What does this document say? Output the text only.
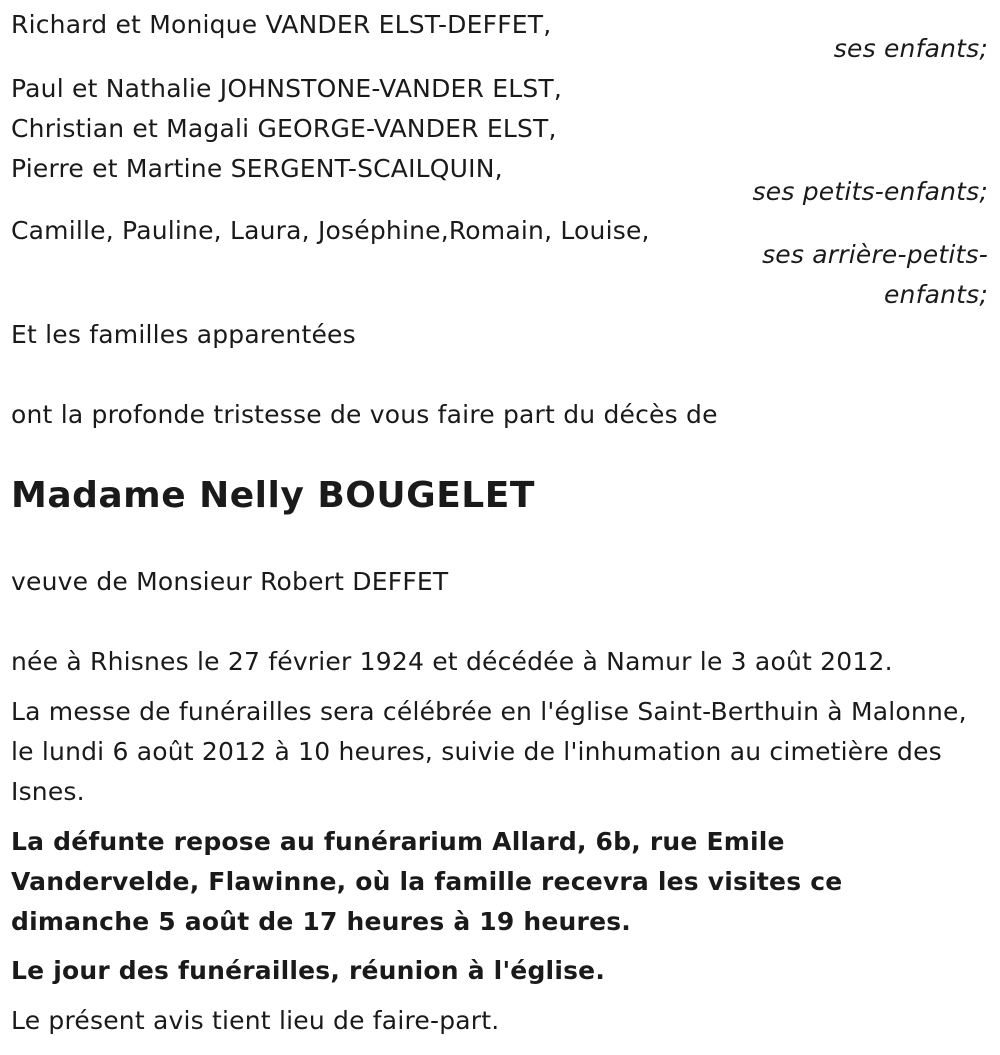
Richard et Monique VANDER ELST-DEFFET,
ses enfants;
Paul et Nathalie JOHNSTONE-VANDER ELST,
Christian et Magali GEORGE-VANDER ELST,
Pierre et Martine SERGENT-SCAILQUIN,
ses petits-enfants;
Camille, Pauline, Laura, Joséphine,Romain, Louise,
ses arrière-petits-
enfants;
Et les familles apparentées
ont la profonde tristesse de vous faire part du décès de
Madame Nelly BOUGELET
veuve de Monsieur Robert DEFFET
née à Rhisnes le 27 février 1924 et décédée à Namur le 3 août 2012.
La messe de funérailles sera célébrée en l'église Saint-Berthuin à Malonne, le lundi 6 août 2012 à 10 heures, suivie de l'inhumation au cimetière des Isnes.
La défunte repose au funérarium Allard, 6b, rue Emile Vandervelde, Flawinne, où la famille recevra les visites ce dimanche 5 août de 17 heures à 19 heures.
Le jour des funérailles, réunion à l'église.
Le présent avis tient lieu de faire-part.
